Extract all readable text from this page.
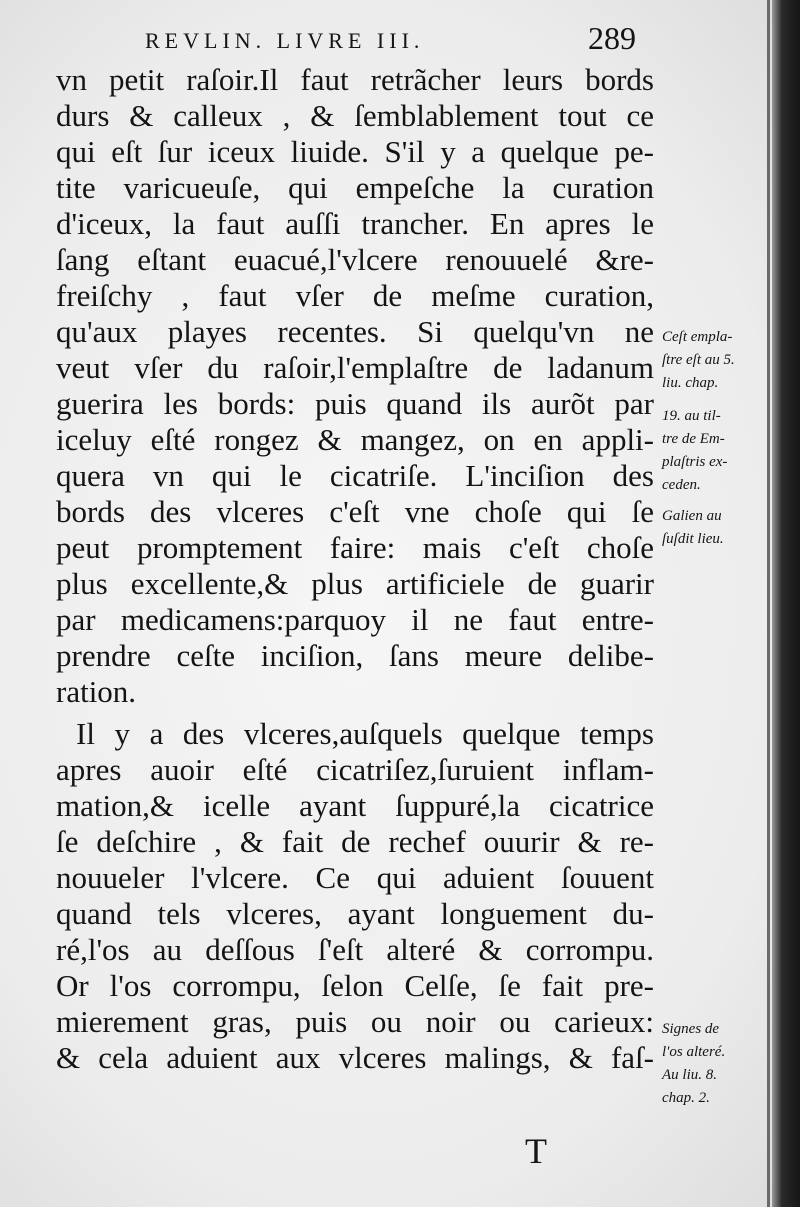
REVLIN. LIVRE III.	289
vn petit raſoir.Il faut retrãcher leurs bords
durs & calleux , & ſemblablement tout ce
qui eſt ſur iceux liuide. S'il y a quelque pe-
tite varicueuſe, qui empeſche la curation
d'iceux, la faut auſſi trancher. En apres le
ſang eſtant euacué,l'vlcere renouuelé &re-
freiſchy , faut vſer de meſme curation,
qu'aux playes recentes. Si quelqu'vn ne
veut vſer du raſoir,l'emplaſtre de ladanum
guerira les bords: puis quand ils aurõt par
iceluy eſté rongez & mangez, on en appli-
quera vn qui le cicatriſe. L'inciſion des
bords des vlceres c'eſt vne choſe qui ſe
peut promptement faire: mais c'eſt choſe
plus excellente,& plus artificiele de guarir
par medicamens:parquoy il ne faut entre-
prendre ceſte inciſion, ſans meure delibe-
ration.
Il y a des vlceres,auſquels quelque temps
apres auoir eſté cicatriſez,ſuruient inflam-
mation,& icelle ayant ſuppuré,la cicatrice
ſe deſchire , & fait de rechef ouurir & re-
nouueler l'vlcere. Ce qui aduient ſouuent
quand tels vlceres, ayant longuement du-
ré,l'os au deſſous ſ'eſt alteré & corrompu.
Or l'os corrompu, ſelon Celſe, ſe fait pre-
mierement gras, puis ou noir ou carieux:
& cela aduient aux vlceres malings, & faſ-
Ceſt empla-
ſtre eſt au 5.
liu. chap.
19. au til-
tre de Em-
plaſtris ex-
ceden.
Galien au
ſuſdit lieu.
Signes de
l'os alteré.
Au liu. 8.
chap. 2.
T
